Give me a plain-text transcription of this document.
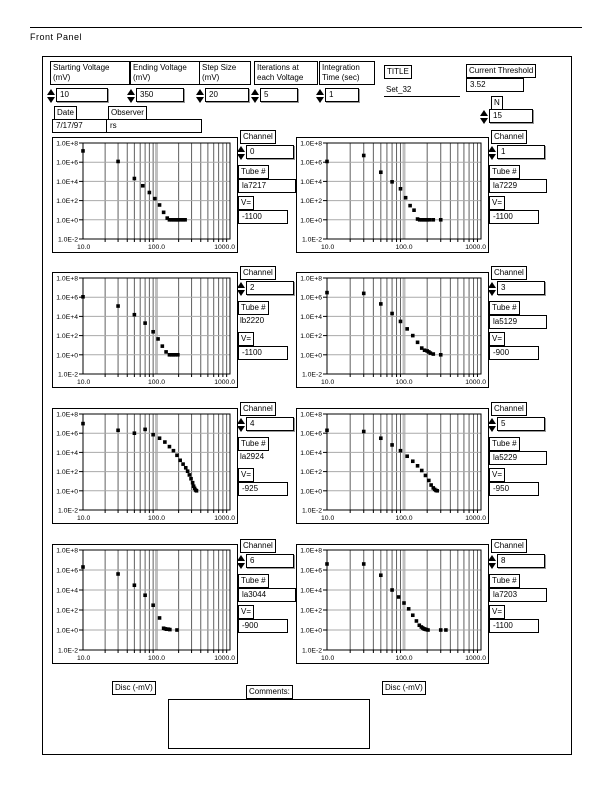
Front Panel
Starting Voltage (mV)
10
Ending Voltage (mV)
350
Step Size (mV)
20
Iterations at each Voltage
5
Integration Time (sec)
1
TITLE
Set_32
Current Threshold
3.52
N
15
Date
7/17/97
Observer
rs
1.0E+8
1.0E+6
1.0E+4
1.0E+2
1.0E+0
1.0E-2
10.0	100.0	1000.0
1.0E+8
1.0E+6
1.0E+4
1.0E+2
1.0E+0
1.0E-2
10.0	100.0	1000.0
1.0E+8
1.0E+6
1.0E+4
1.0E+2
1.0E+0
1.0E-2
10.0	100.0	1000.0
1.0E+8
1.0E+6
1.0E+4
1.0E+2
1.0E+0
1.0E-2
10.0	100.0	1000.0
1.0E+8
1.0E+6
1.0E+4
1.0E+2
1.0E+0
1.0E-2
10.0	100.0	1000.0
1.0E+8
1.0E+6
1.0E+4
1.0E+2
1.0E+0
1.0E-2
10.0	100.0	1000.0
1.0E+8
1.0E+6
1.0E+4
1.0E+2
1.0E+0
1.0E-2
10.0	100.0	1000.0
1.0E+8
1.0E+6
1.0E+4
1.0E+2
1.0E+0
1.0E-2
10.0	100.0	1000.0
Channel
0
Tube #
la7217
V=
-1100
Channel
1
Tube #
la7229
V=
-1100
Channel
2
Tube #
lb2220
V=
-1100
Channel
3
Tube #
la5129
V=
-900
Channel
4
Tube #
la2924
V=
-925
Channel
5
Tube #
la5229
V=
-950
Channel
6
Tube #
la3044
V=
-900
Channel
8
Tube #
la7203
V=
-1100
Disc (-mV)	Disc (-mV)
Comments:
